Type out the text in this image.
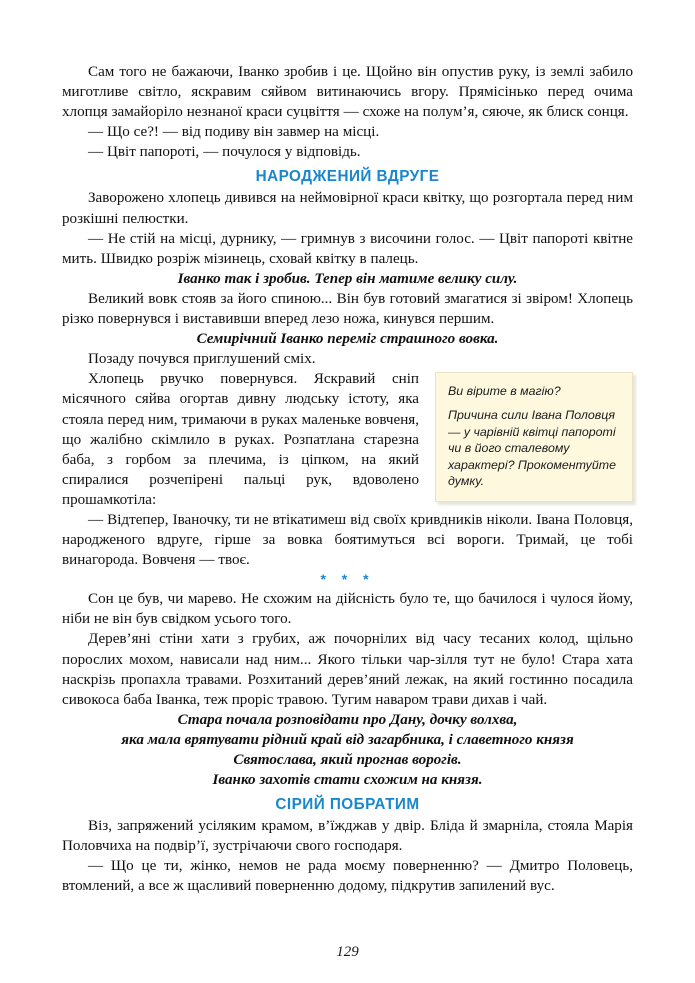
Сам того не бажаючи, Іванко зробив і це. Щойно він опустив руку, із землі забило миготливе світло, яскравим сяйвом витинаючись вгору. Прямісінько перед очима хлопця замайоріло незнаної краси суцвіття — схоже на полум’я, сяюче, як блиск сонця.

— Що се?! — від подиву він завмер на місці.

— Цвіт папороті, — почулося у відповідь.

НАРОДЖЕНИЙ ВДРУГЕ

Заворожено хлопець дивився на неймовірної краси квітку, що розгортала перед ним розкішні пелюстки.

— Не стій на місці, дурнику, — гримнув з височини голос. — Цвіт папороті квітне мить. Швидко розріж мізинець, сховай квітку в палець.

Іванко так і зробив. Тепер він матиме велику силу.

Великий вовк стояв за його спиною... Він був готовий змагатися зі звіром! Хлопець різко повернувся і виставивши вперед лезо ножа, кинувся першим.

Семирічний Іванко переміг страшного вовка.

Позаду почувся приглушений сміх.

Ви вірите в магію?
Причина сили Івана Половця — у чарівній квітці папороті чи в його сталевому характері? Прокоментуйте думку.

Хлопець рвучко повернувся. Яскравий сніп місячного сяйва огортав дивну людську істоту, яка стояла перед ним, тримаючи в руках маленьке вовченя, що жалібно скімлило в руках. Розпатлана старезна баба, з горбом за плечима, із ціпком, на який спиралися розчепірені пальці рук, вдоволено прошамкотіла:

— Відтепер, Іваночку, ти не втікатимеш від своїх кривдників ніколи. Івана Половця, народженого вдруге, гірше за вовка боятимуться всі вороги. Тримай, це тобі винагорода. Вовченя — твоє.

* * *

Сон це був, чи марево. Не схожим на дійсність було те, що бачилося і чулося йому, ніби не він був свідком усього того.

Дерев’яні стіни хати з грубих, аж почорнілих від часу тесаних колод, щільно порослих мохом, нависали над ним... Якого тільки чар-зілля тут не було! Стара хата наскрізь пропахла травами. Розхитаний дерев’яний лежак, на який гостинно посадила сивокоса баба Іванка, теж проріс травою. Тугим наваром трави дихав і чай.

Стара почала розповідати про Дану, дочку волхва,

яка мала врятувати рідний край від загарбника, і славетного князя

Святослава, який прогнав ворогів.

Іванко захотів стати схожим на князя.

СІРИЙ ПОБРАТИМ

Віз, запряжений усіляким крамом, в’їжджав у двір. Бліда й змарніла, стояла Марія Половчиха на подвір’ї, зустрічаючи свого господаря.

— Що це ти, жінко, немов не рада моєму поверненню? — Дмитро Половець, втомлений, а все ж щасливий поверненню додому, підкрутив запилений вус.

129
